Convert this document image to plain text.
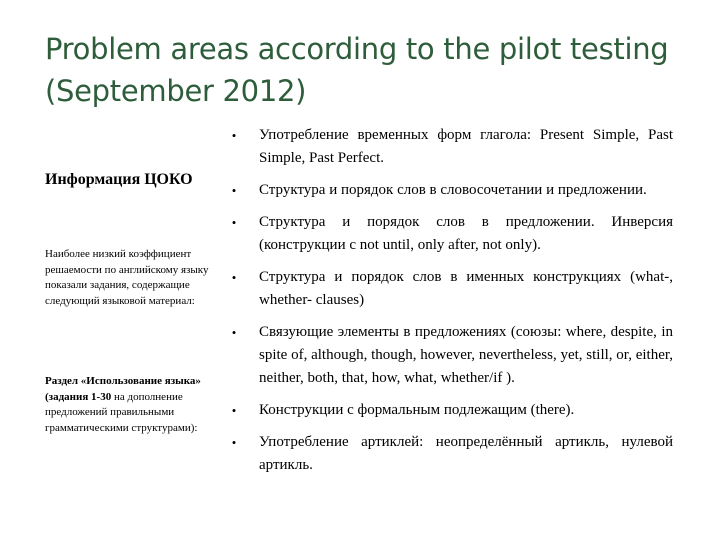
Problem areas according to the pilot testing (September 2012)

Информация ЦОКО

Наиболее низкий коэффициент решаемости по английскому языку показали задания, содержащие следующий языковой материал:

Раздел «Использование языка» (задания 1-30 на дополнение предложений правильными грамматическими структурами):

• Употребление временных форм глагола: Present Simple, Past Simple, Past Perfect.
• Структура и порядок слов в словосочетании и предложении.
• Структура и порядок слов в предложении. Инверсия (конструкции с not until, only after, not only).
• Структура и порядок слов в именных конструкциях (what-, whether- clauses)
• Связующие элементы в предложениях (союзы: where, despite, in spite of, although, though, however, nevertheless, yet, still, or, either, neither, both, that, how, what, whether/if ).
• Конструкции с формальным подлежащим (there).
• Употребление артиклей: неопределённый артикль, нулевой артикль.
